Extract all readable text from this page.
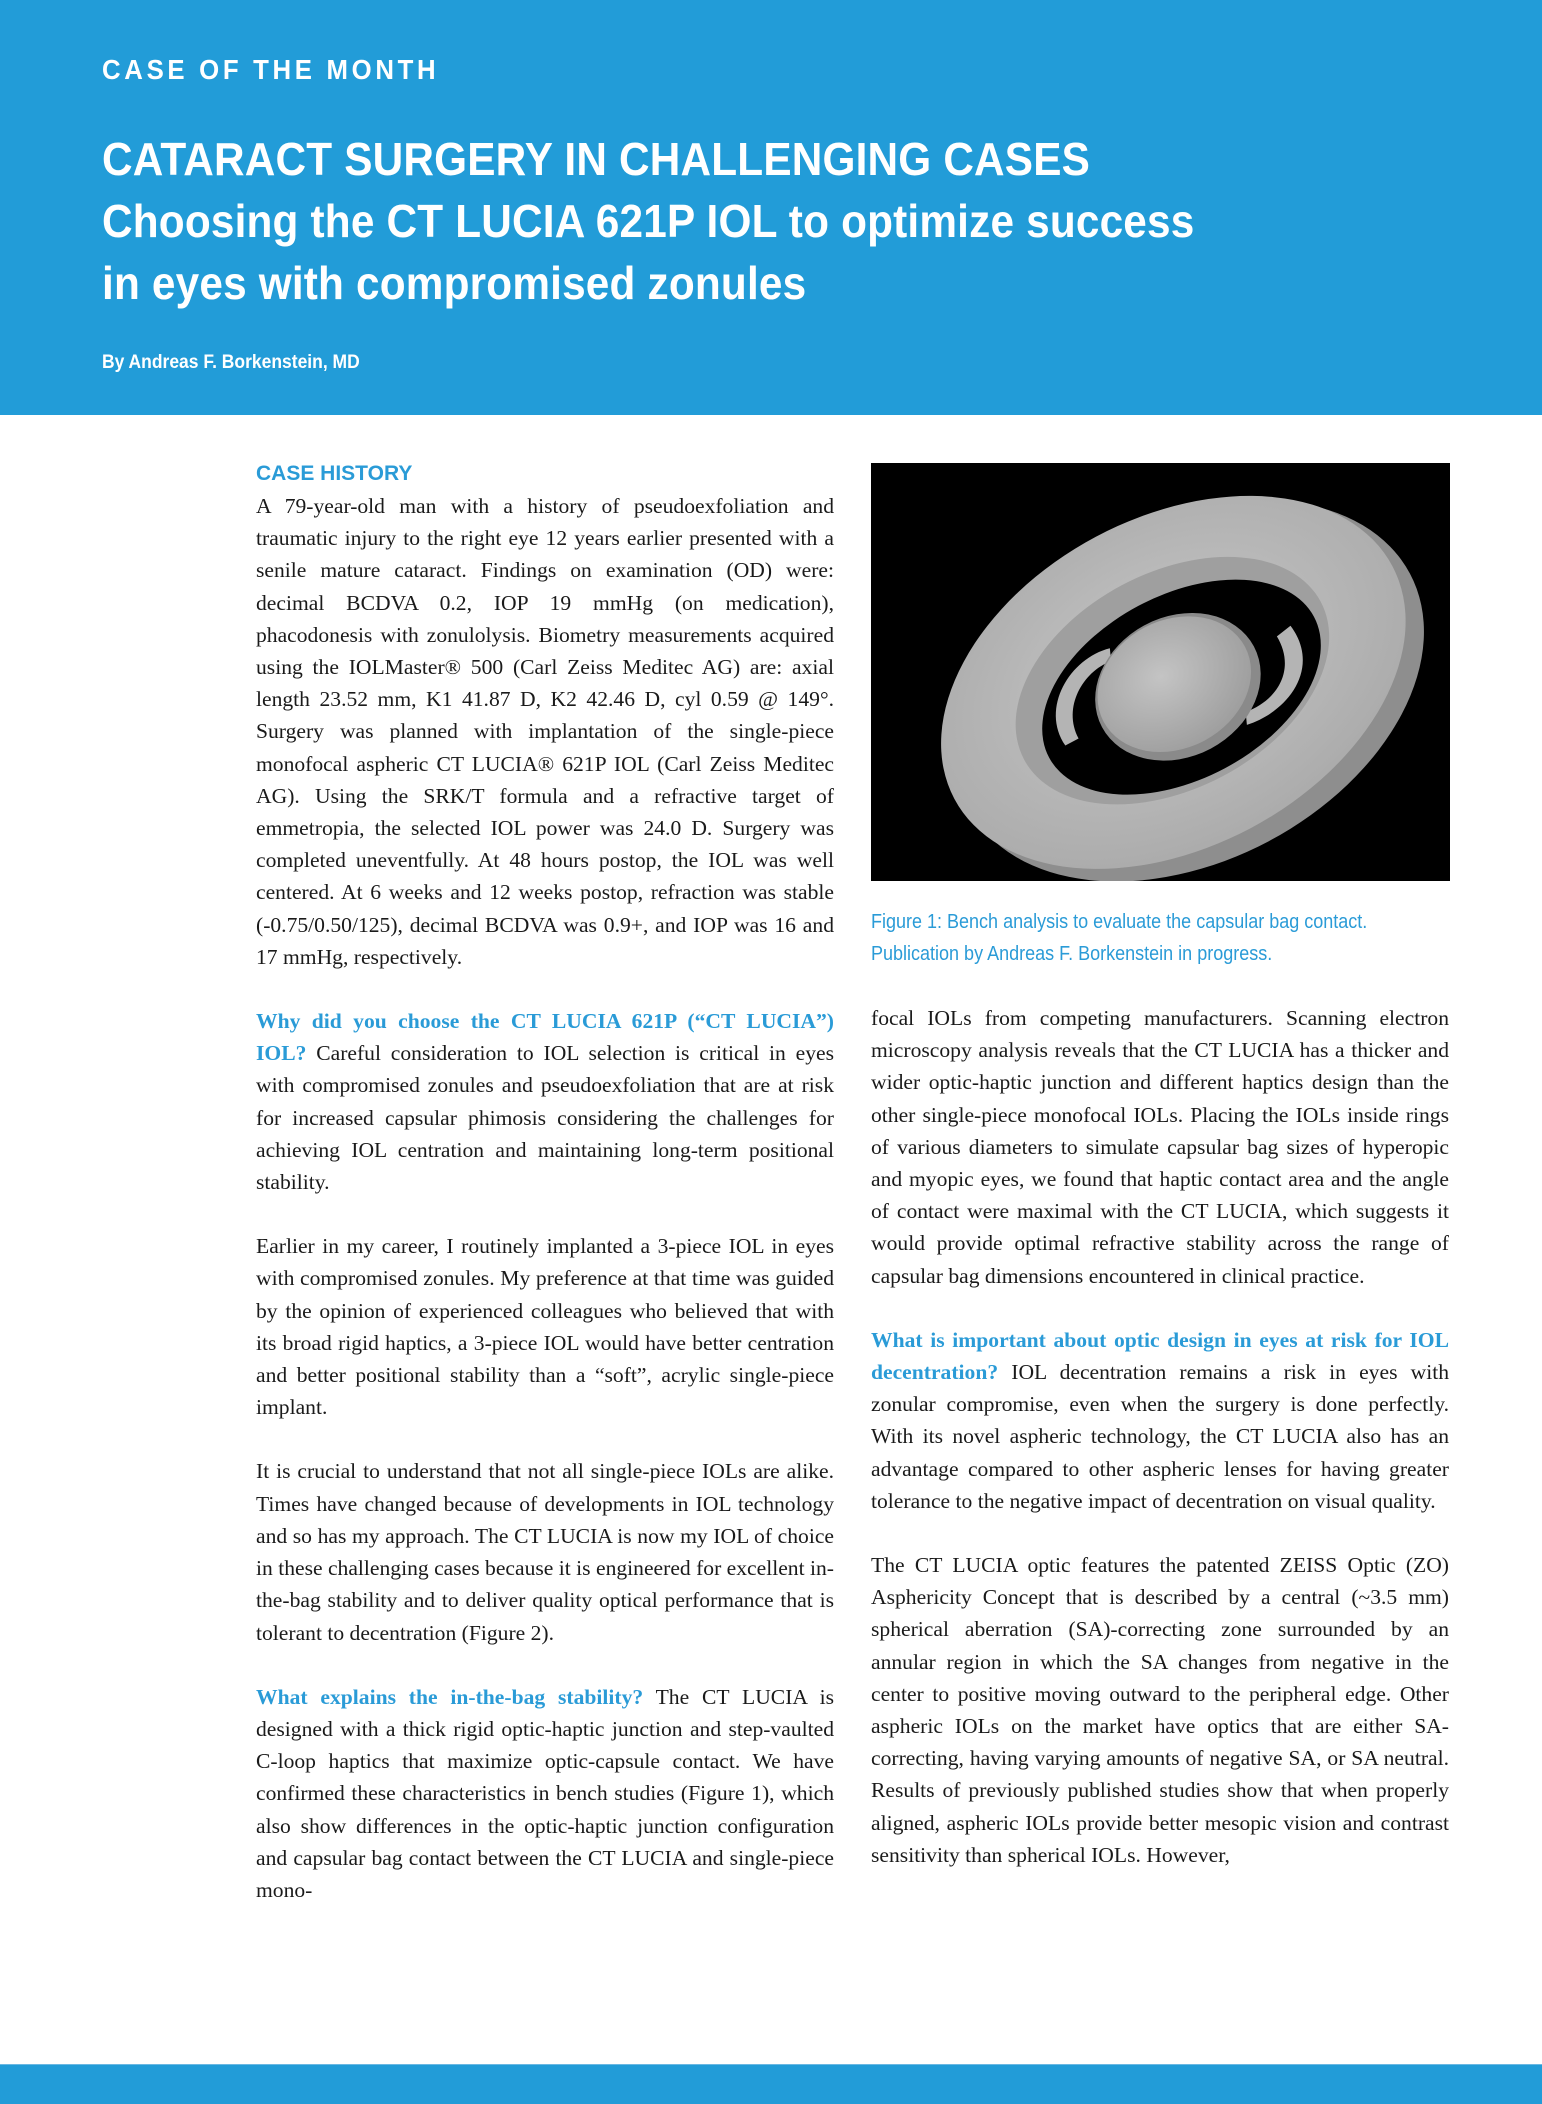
CASE OF THE MONTH
CATARACT SURGERY IN CHALLENGING CASES
Choosing the CT LUCIA 621P IOL to optimize success
in eyes with compromised zonules
By Andreas F. Borkenstein, MD
CASE HISTORY

A 79-year-old man with a history of pseudoexfoliation and traumatic injury to the right eye 12 years earlier presented with a senile mature cataract. Findings on examination (OD) were: decimal BCDVA 0.2, IOP 19 mmHg (on medication), phacodonesis with zonulolysis. Biometry measurements acquired using the IOLMaster® 500 (Carl Zeiss Meditec AG) are: axial length 23.52 mm, K1 41.87 D, K2 42.46 D, cyl 0.59 @ 149°. Surgery was planned with implantation of the single-piece monofocal aspheric CT LUCIA® 621P IOL (Carl Zeiss Meditec AG). Using the SRK/T formula and a refractive target of emmetropia, the selected IOL power was 24.0 D. Surgery was completed uneventfully. At 48 hours postop, the IOL was well centered. At 6 weeks and 12 weeks postop, refraction was stable (-0.75/0.50/125), decimal BCDVA was 0.9+, and IOP was 16 and 17 mmHg, respectively.

Why did you choose the CT LUCIA 621P (“CT LUCIA”) IOL? Careful consideration to IOL selection is critical in eyes with compromised zonules and pseudoexfoliation that are at risk for increased capsular phimosis considering the challenges for achieving IOL centration and maintaining long-term positional stability.

Earlier in my career, I routinely implanted a 3-piece IOL in eyes with compromised zonules. My preference at that time was guided by the opinion of experienced colleagues who believed that with its broad rigid haptics, a 3-piece IOL would have better centration and better positional stability than a “soft”, acrylic single-piece implant.

It is crucial to understand that not all single-piece IOLs are alike. Times have changed because of developments in IOL technology and so has my approach. The CT LUCIA is now my IOL of choice in these challenging cases because it is engineered for excellent in-the-bag stability and to deliver quality optical performance that is tolerant to decentration (Figure 2).

What explains the in-the-bag stability? The CT LUCIA is designed with a thick rigid optic-haptic junction and step-vaulted C-loop haptics that maximize optic-capsule contact. We have confirmed these characteristics in bench studies (Figure 1), which also show differences in the optic-haptic junction configuration and capsular bag contact between the CT LUCIA and single-piece mono-

Figure 1: Bench analysis to evaluate the capsular bag contact.
Publication by Andreas F. Borkenstein in progress.

focal IOLs from competing manufacturers. Scanning electron microscopy analysis reveals that the CT LUCIA has a thicker and wider optic-haptic junction and different haptics design than the other single-piece monofocal IOLs. Placing the IOLs inside rings of various diameters to simulate capsular bag sizes of hyperopic and myopic eyes, we found that haptic contact area and the angle of contact were maximal with the CT LUCIA, which suggests it would provide optimal refractive stability across the range of capsular bag dimensions encountered in clinical practice.

What is important about optic design in eyes at risk for IOL decentration? IOL decentration remains a risk in eyes with zonular compromise, even when the surgery is done perfectly. With its novel aspheric technology, the CT LUCIA also has an advantage compared to other aspheric lenses for having greater tolerance to the negative impact of decentration on visual quality.

The CT LUCIA optic features the patented ZEISS Optic (ZO) Asphericity Concept that is described by a central (~3.5 mm) spherical aberration (SA)-correcting zone surrounded by an annular region in which the SA changes from negative in the center to positive moving outward to the peripheral edge. Other aspheric IOLs on the market have optics that are either SA-correcting, having varying amounts of negative SA, or SA neutral. Results of previously published studies show that when properly aligned, aspheric IOLs provide better mesopic vision and contrast sensitivity than spherical IOLs. However,
